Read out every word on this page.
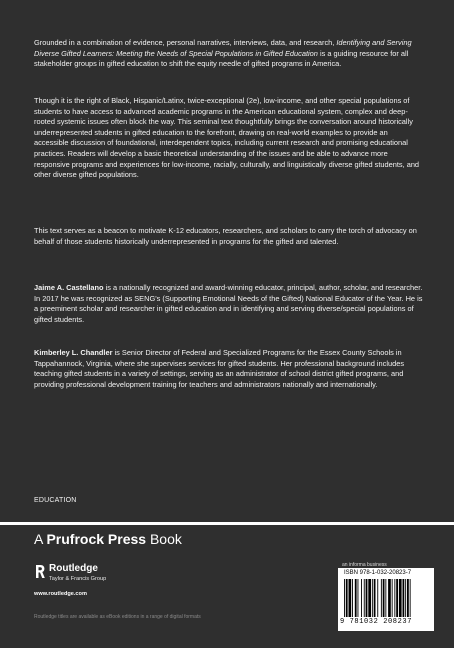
Grounded in a combination of evidence, personal narratives, interviews, data, and research, Identifying and Serving Diverse Gifted Learners: Meeting the Needs of Special Populations in Gifted Education is a guiding resource for all stakeholder groups in gifted education to shift the equity needle of gifted programs in America.

Though it is the right of Black, Hispanic/Latinx, twice-exceptional (2e), low-income, and other special populations of students to have access to advanced academic programs in the American educational system, complex and deep-rooted systemic issues often block the way. This seminal text thoughtfully brings the conversation around historically underrepresented students in gifted education to the forefront, drawing on real-world examples to provide an accessible discussion of foundational, interdependent topics, including current research and promising educational practices. Readers will develop a basic theoretical understanding of the issues and be able to advance more responsive programs and experiences for low-income, racially, culturally, and linguistically diverse gifted students, and other diverse gifted populations.

This text serves as a beacon to motivate K-12 educators, researchers, and scholars to carry the torch of advocacy on behalf of those students historically underrepresented in programs for the gifted and talented.

Jaime A. Castellano is a nationally recognized and award-winning educator, principal, author, scholar, and researcher. In 2017 he was recognized as SENG's (Supporting Emotional Needs of the Gifted) National Educator of the Year. He is a preeminent scholar and researcher in gifted education and in identifying and serving diverse/special populations of gifted students.

Kimberley L. Chandler is Senior Director of Federal and Specialized Programs for the Essex County Schools in Tappahannock, Virginia, where she supervises services for gifted students. Her professional background includes teaching gifted students in a variety of settings, serving as an administrator of school district gifted programs, and providing professional development training for teachers and administrators nationally and internationally.

EDUCATION
A Prufrock Press Book
Routledge
Taylor & Francis Group
www.routledge.com
Routledge titles are available as eBook editions in a range of digital formats
an informa business
ISBN 978-1-032-20823-7
9 781032 208237
